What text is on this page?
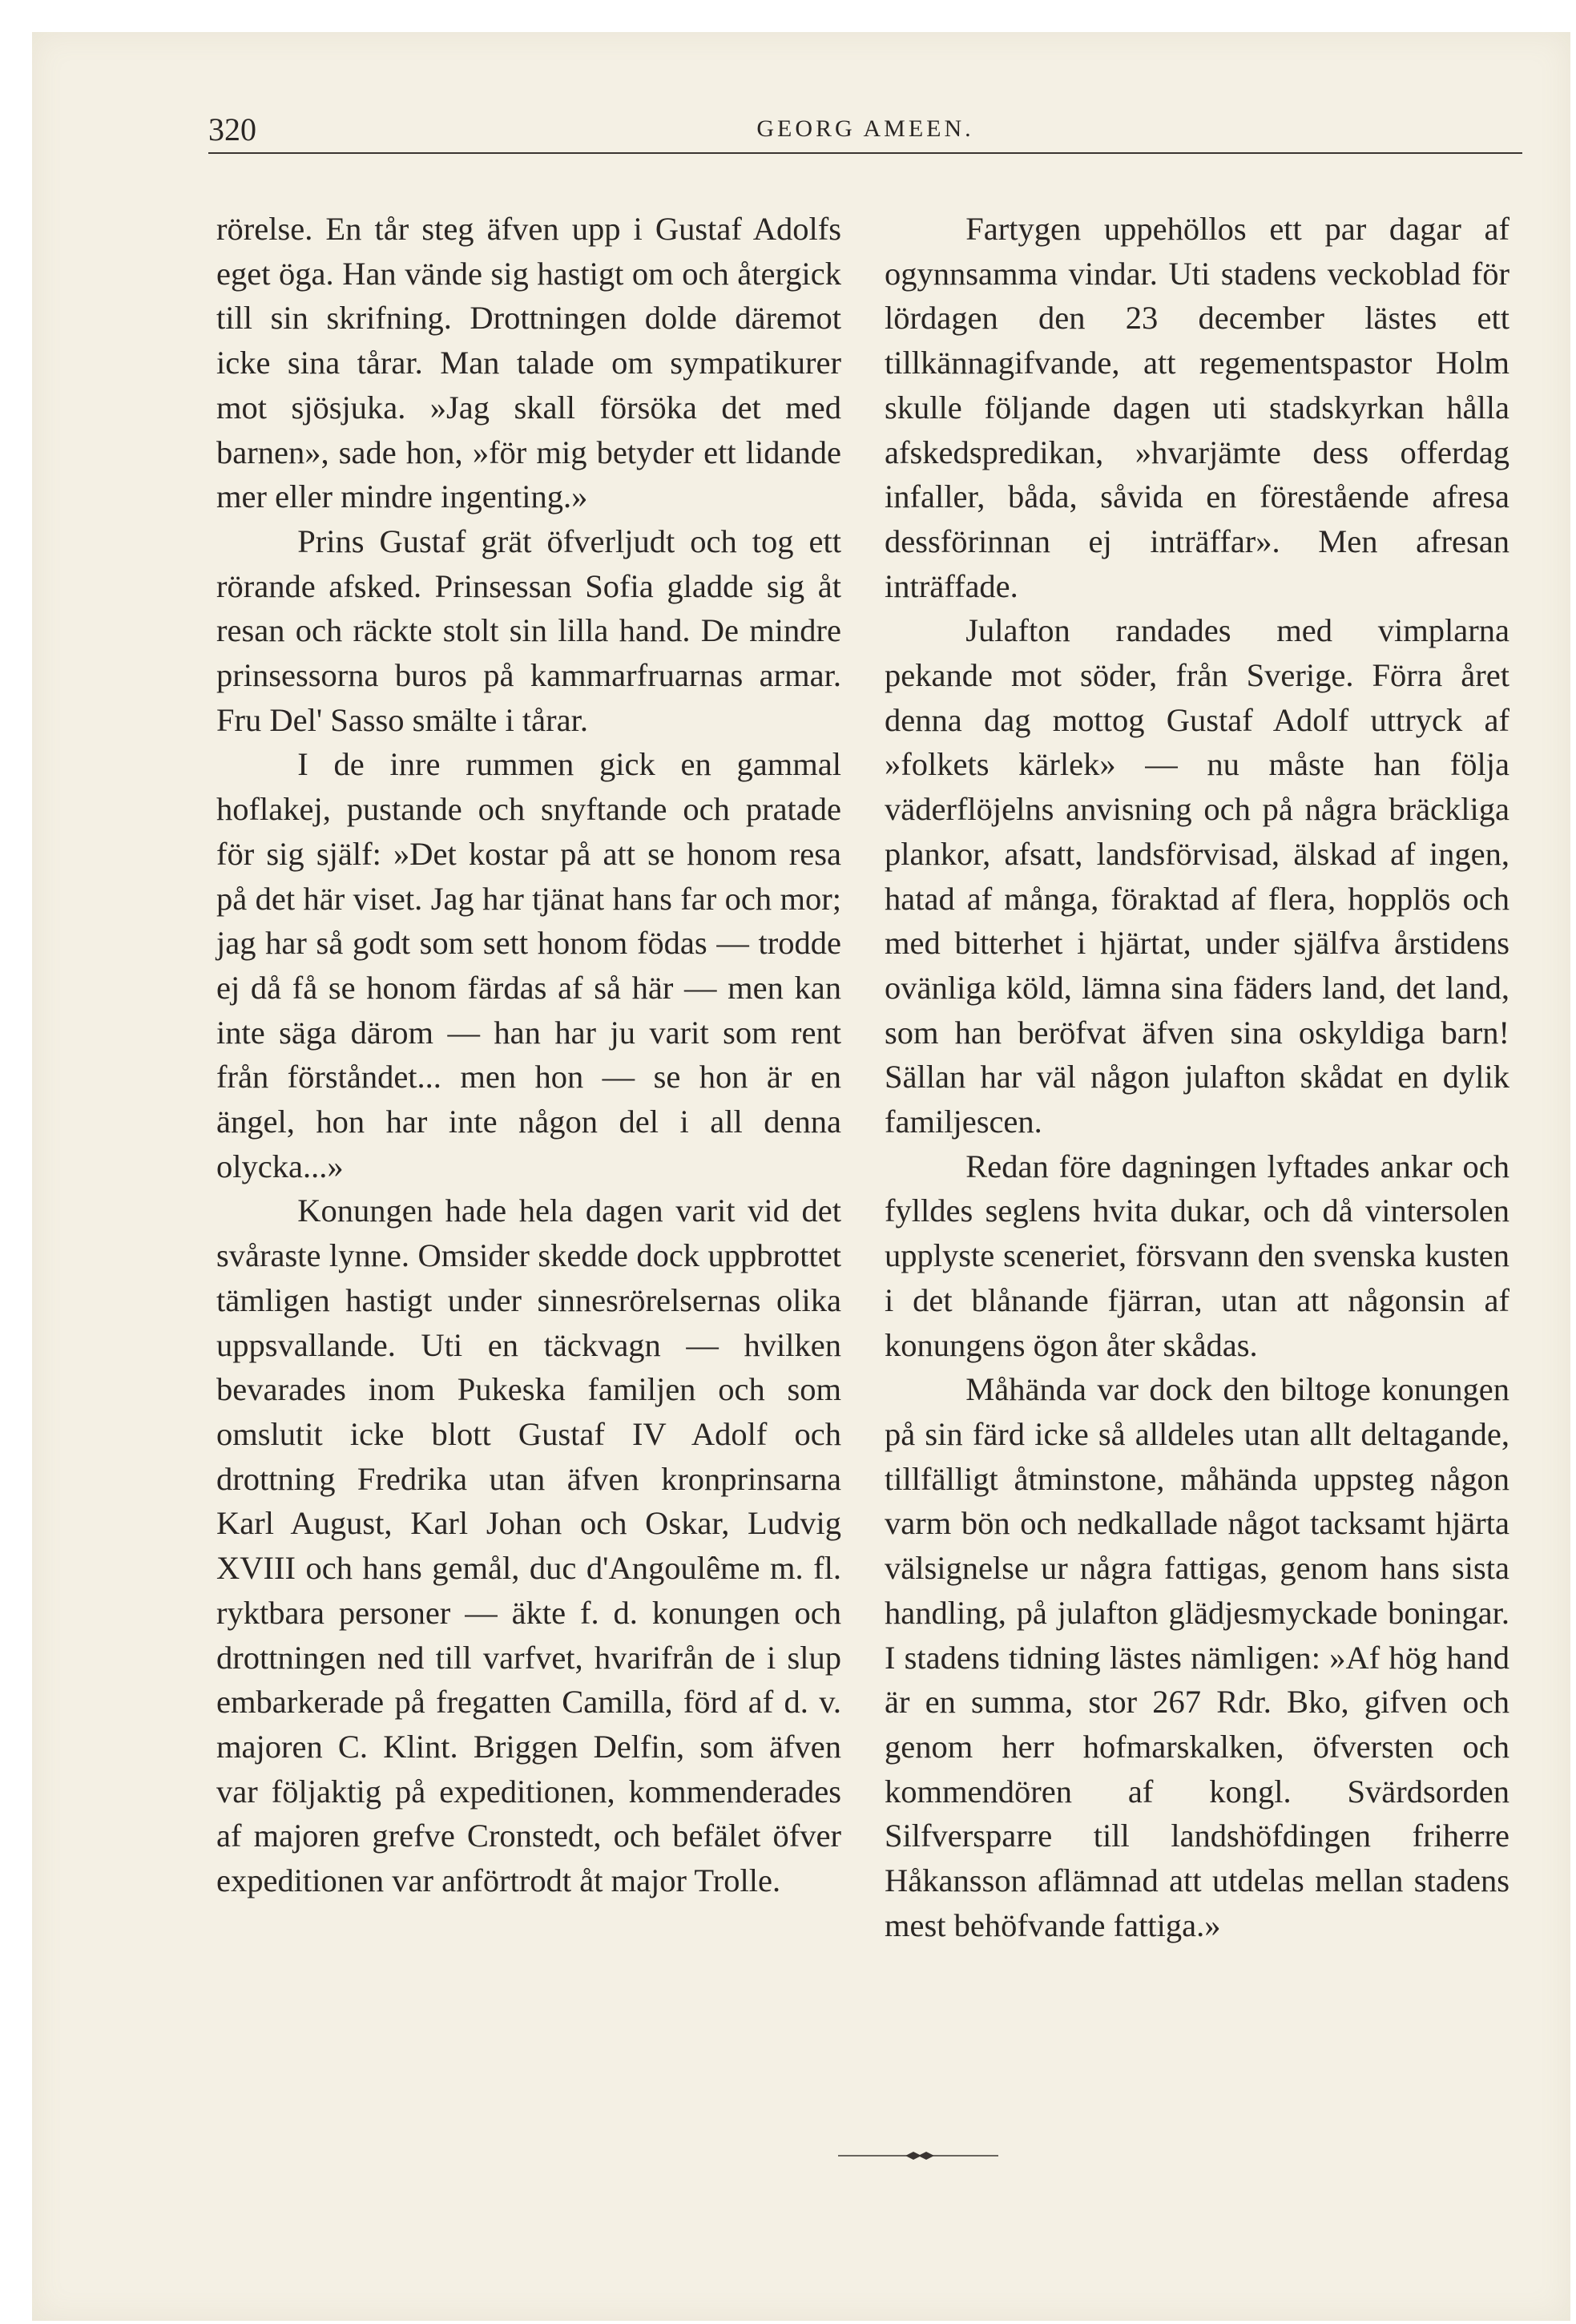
320	GEORG AMEEN.

rörelse. En tår steg äfven upp i Gustaf Adolfs eget öga. Han vände sig hastigt om och återgick till sin skrifning. Drottningen dolde däremot icke sina tårar. Man talade om sympatikurer mot sjösjuka. »Jag skall försöka det med barnen», sade hon, »för mig betyder ett lidande mer eller mindre ingenting.»

Prins Gustaf grät öfverljudt och tog ett rörande afsked. Prinsessan Sofia gladde sig åt resan och räckte stolt sin lilla hand. De mindre prinsessorna buros på kammarfruarnas armar. Fru Del' Sasso smälte i tårar.

I de inre rummen gick en gammal hoflakej, pustande och snyftande och pratade för sig själf: »Det kostar på att se honom resa på det här viset. Jag har tjänat hans far och mor; jag har så godt som sett honom födas — trodde ej då få se honom färdas af så här — men kan inte säga därom — han har ju varit som rent från förståndet... men hon — se hon är en ängel, hon har inte någon del i all denna olycka...»

Konungen hade hela dagen varit vid det svåraste lynne. Omsider skedde dock uppbrottet tämligen hastigt under sinnesrörelsernas olika uppsvallande. Uti en täckvagn — hvilken bevarades inom Pukeska familjen och som omslutit icke blott Gustaf IV Adolf och drottning Fredrika utan äfven kronprinsarna Karl August, Karl Johan och Oskar, Ludvig XVIII och hans gemål, duc d'Angoulême m. fl. ryktbara personer — äkte f. d. konungen och drottningen ned till varfvet, hvarifrån de i slup embarkerade på fregatten Camilla, förd af d. v. majoren C. Klint. Briggen Delfin, som äfven var följaktig på expeditionen, kommenderades af majoren grefve Cronstedt, och befälet öfver expeditionen var anförtrodt åt major Trolle.

Fartygen uppehöllos ett par dagar af ogynnsamma vindar. Uti stadens veckoblad för lördagen den 23 december lästes ett tillkännagifvande, att regementspastor Holm skulle följande dagen uti stadskyrkan hålla afskedspredikan, »hvarjämte dess offerdag infaller, båda, såvida en förestående afresa dessförinnan ej inträffar». Men afresan inträffade.

Julafton randades med vimplarna pekande mot söder, från Sverige. Förra året denna dag mottog Gustaf Adolf uttryck af »folkets kärlek» — nu måste han följa väderflöjelns anvisning och på några bräckliga plankor, afsatt, landsförvisad, älskad af ingen, hatad af många, föraktad af flera, hopplös och med bitterhet i hjärtat, under själfva årstidens ovänliga köld, lämna sina fäders land, det land, som han beröfvat äfven sina oskyldiga barn! Sällan har väl någon julafton skådat en dylik familjescen.

Redan före dagningen lyftades ankar och fylldes seglens hvita dukar, och då vintersolen upplyste sceneriet, försvann den svenska kusten i det blånande fjärran, utan att någonsin af konungens ögon åter skådas.

Måhända var dock den biltoge konungen på sin färd icke så alldeles utan allt deltagande, tillfälligt åtminstone, måhända uppsteg någon varm bön och nedkallade något tacksamt hjärta välsignelse ur några fattigas, genom hans sista handling, på julafton glädjesmyckade boningar. I stadens tidning lästes nämligen: »Af hög hand är en summa, stor 267 Rdr. Bko, gifven och genom herr hofmarskalken, öfversten och kommendören af kongl. Svärdsorden Silfversparre till landshöfdingen friherre Håkansson aflämnad att utdelas mellan stadens mest behöfvande fattiga.»
